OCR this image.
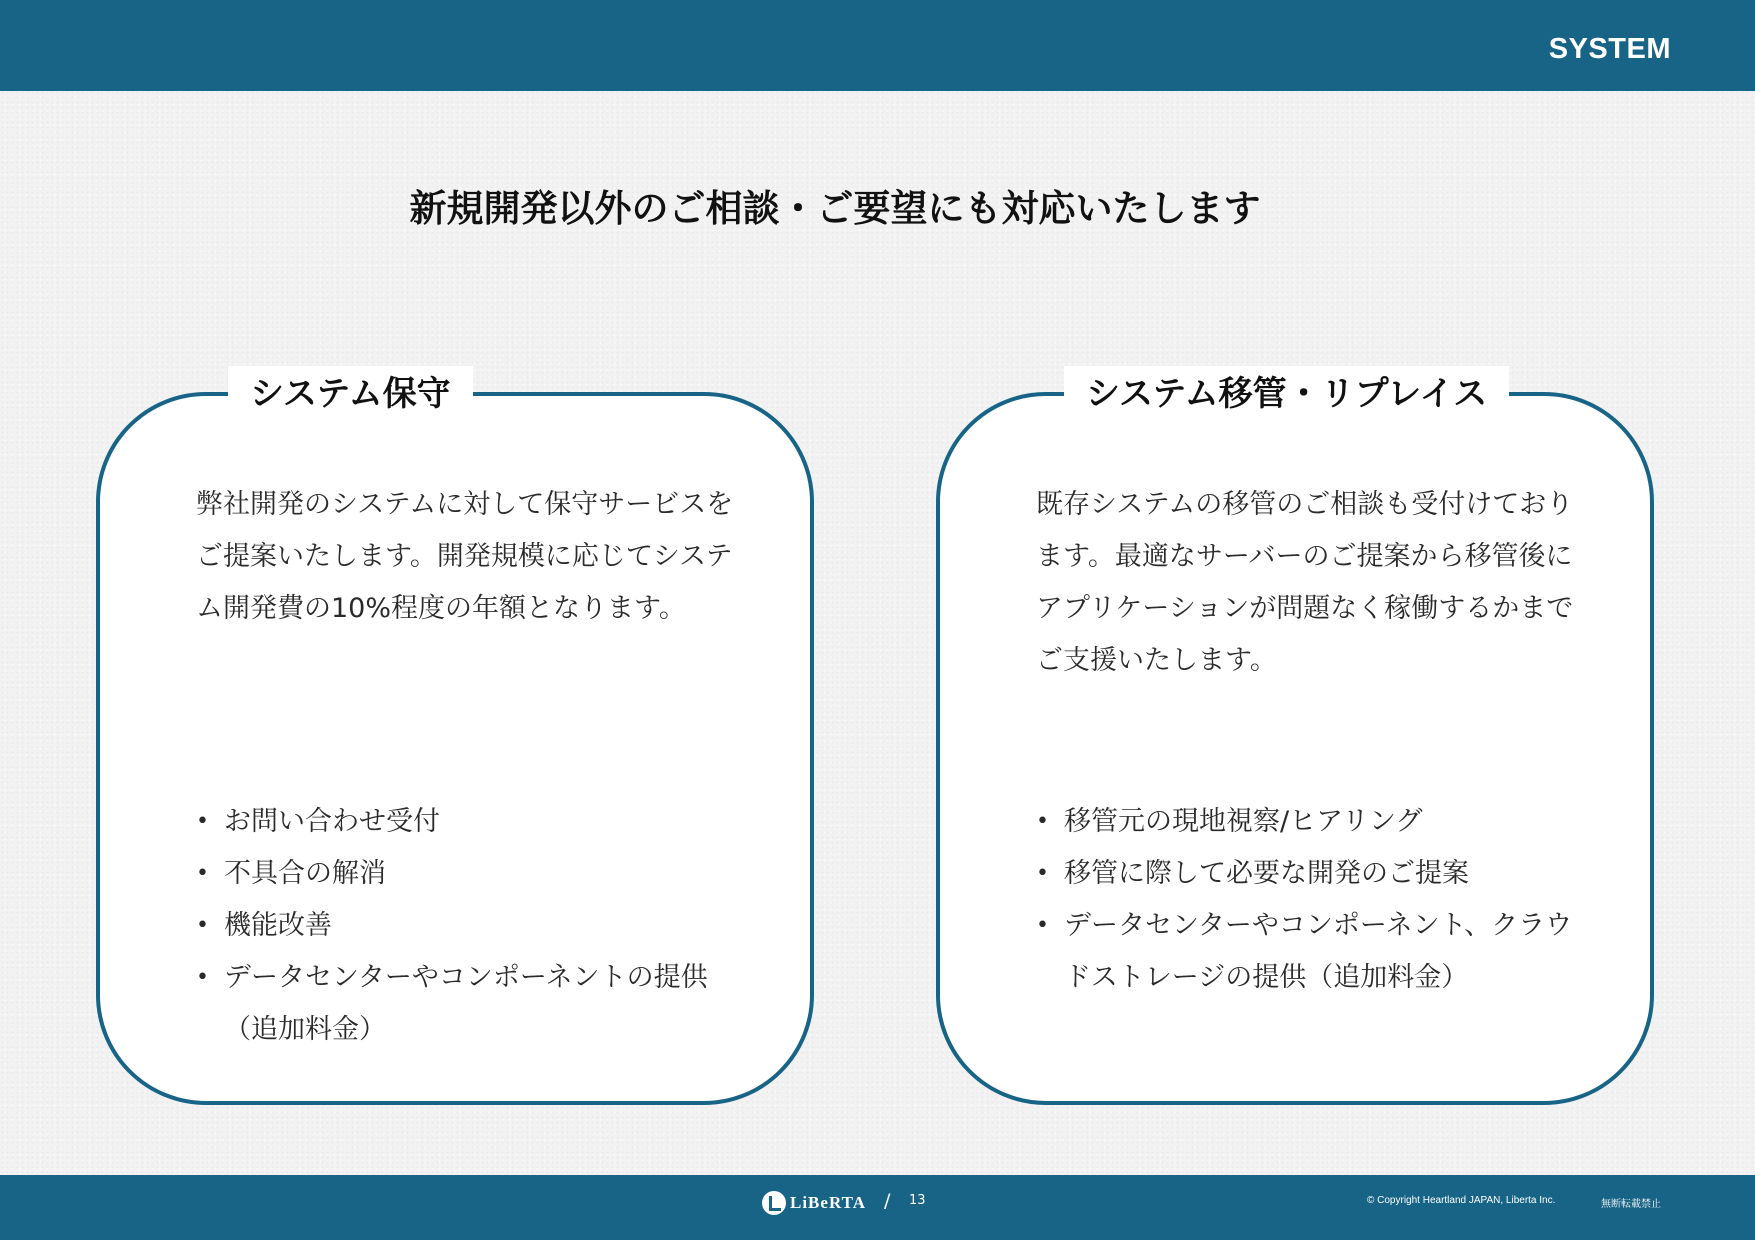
SYSTEM
新規開発以外のご相談・ご要望にも対応いたします
システム保守

弊社開発のシステムに対して保守サービスをご提案いたします。開発規模に応じてシステム開発費の10%程度の年額となります。

• お問い合わせ受付
• 不具合の解消
• 機能改善
• データセンターやコンポーネントの提供（追加料金）
システム移管・リプレイス

既存システムの移管のご相談も受付けております。最適なサーバーのご提案から移管後にアプリケーションが問題なく稼働するかまでご支援いたします。

• 移管元の現地視察/ヒアリング
• 移管に際して必要な開発のご提案
• データセンターやコンポーネント、クラウドストレージの提供（追加料金）
LiBeRTA / 13	© Copyright Heartland JAPAN, Liberta Inc.	無断転載禁止
